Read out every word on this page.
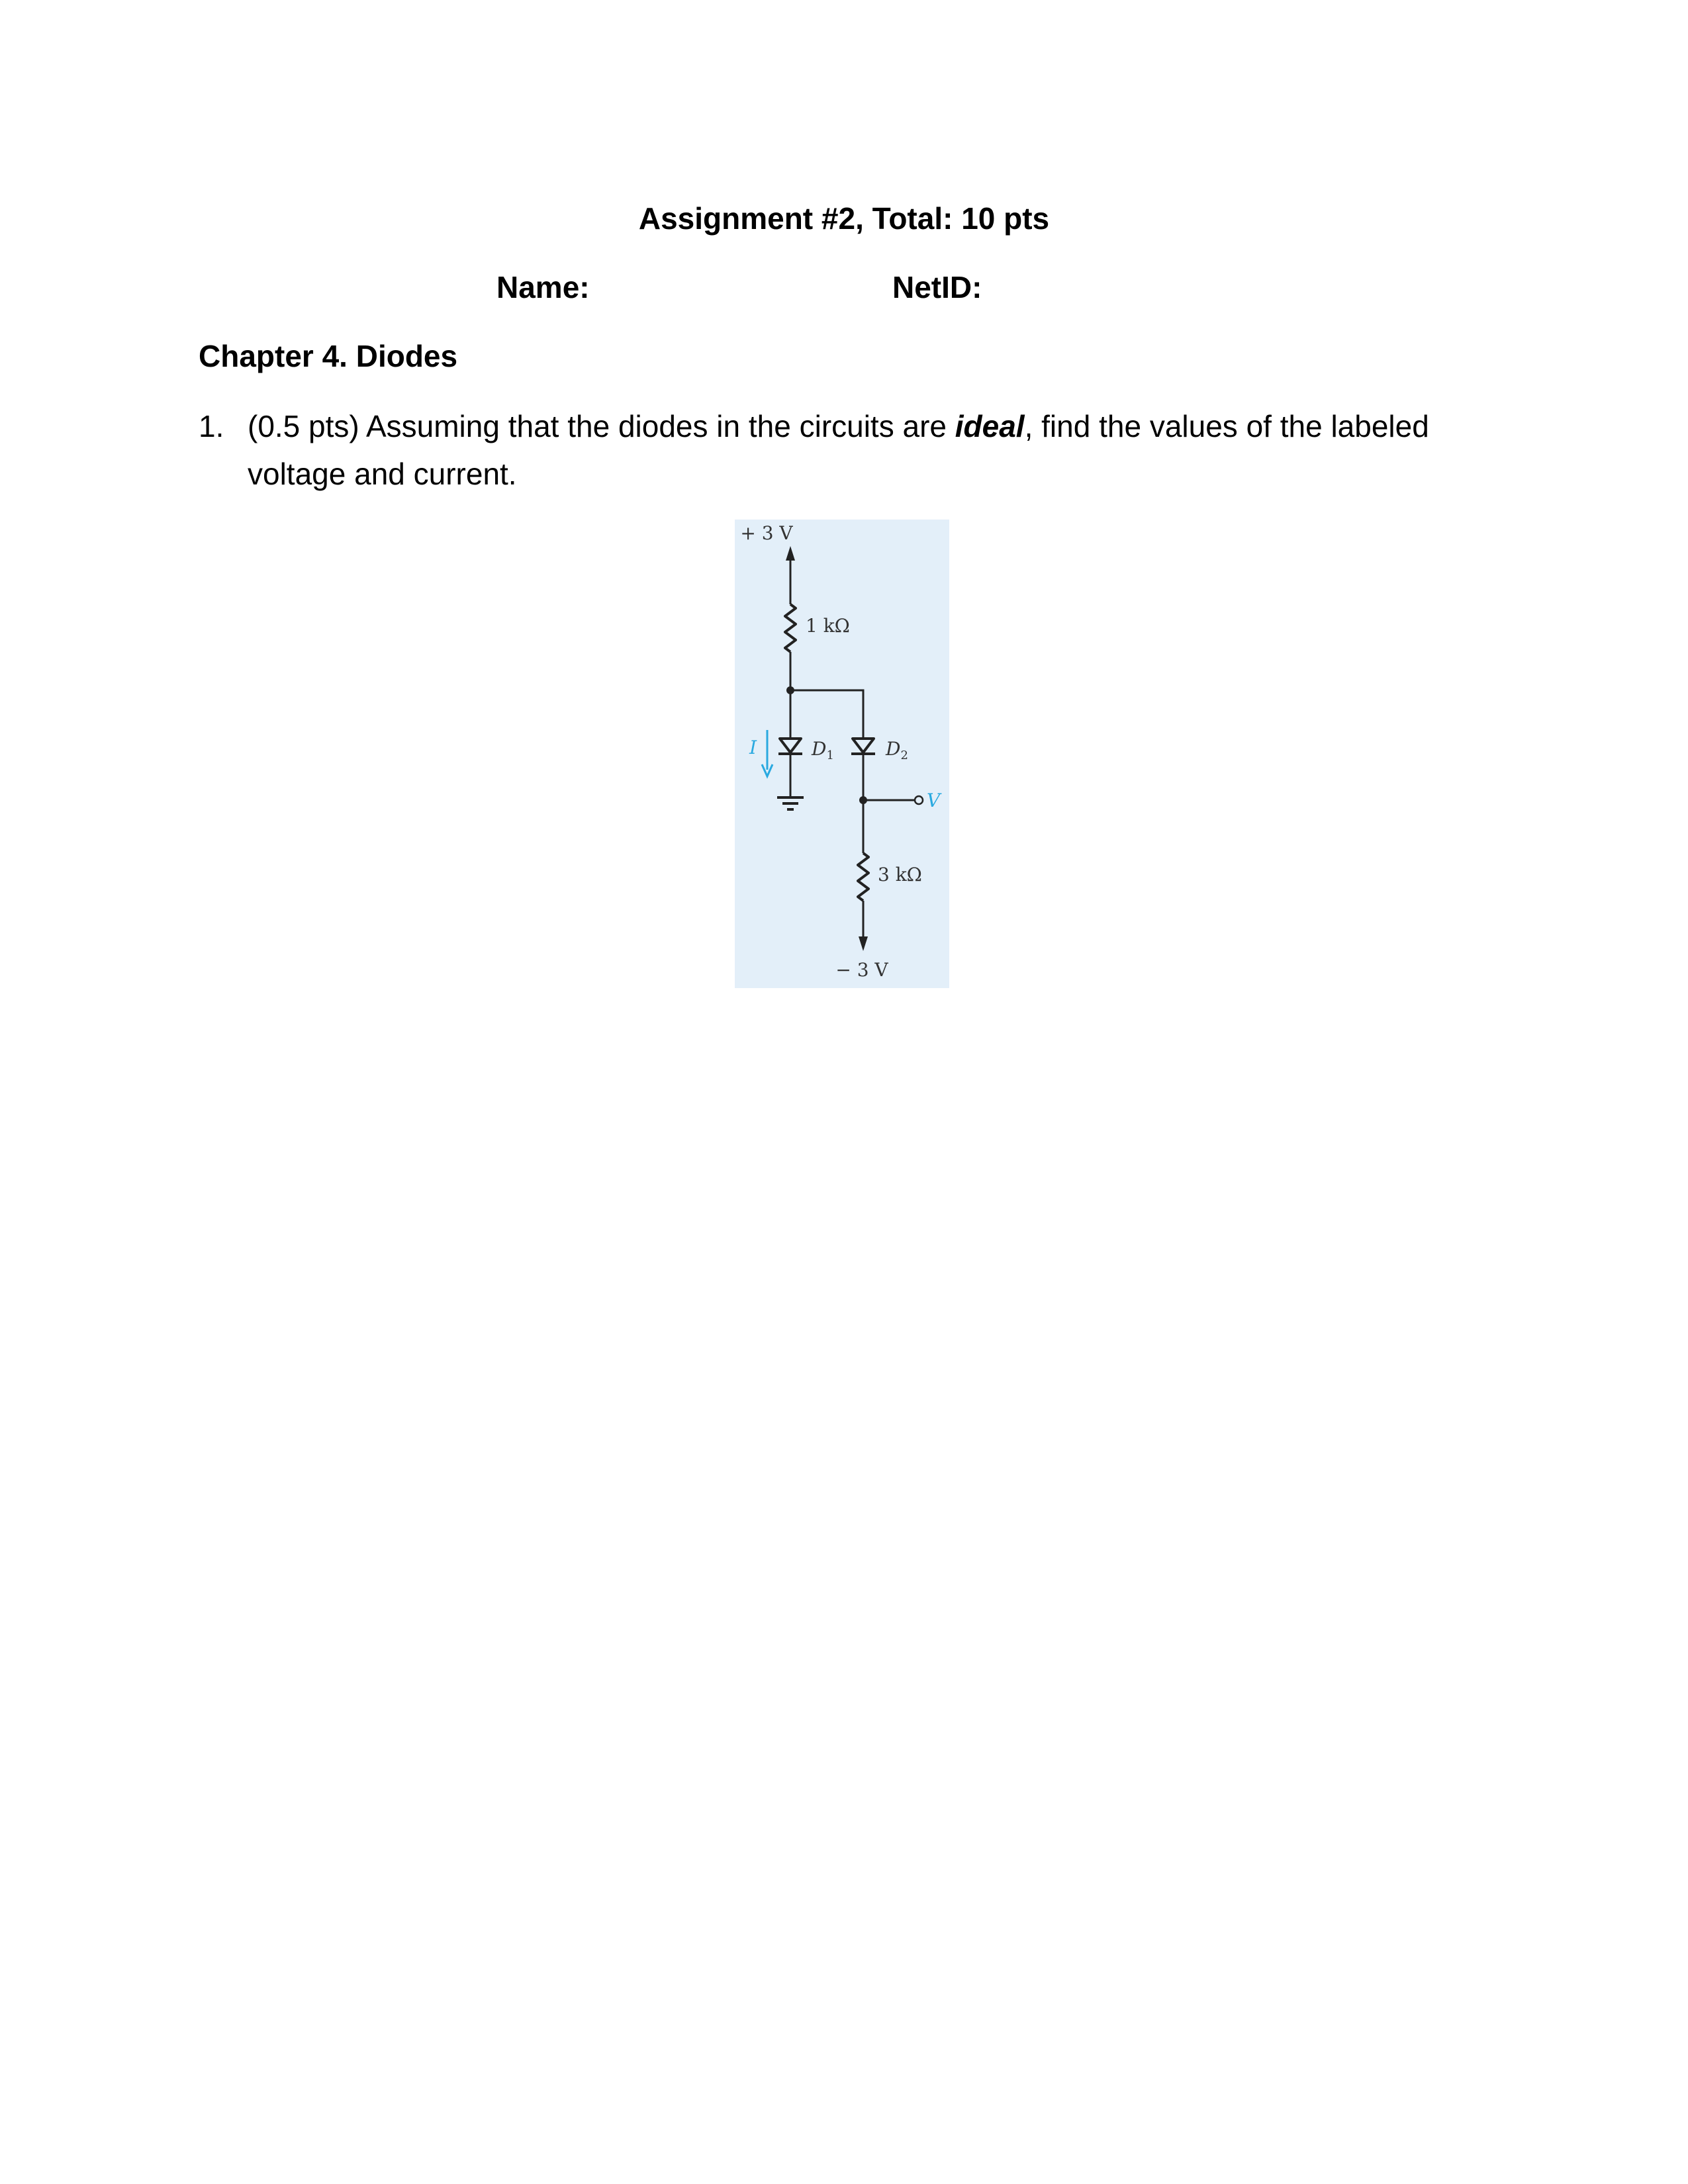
Assignment #2, Total: 10 pts
Name:	NetID:
Chapter 4. Diodes
1. (0.5 pts) Assuming that the diodes in the circuits are ideal, find the values of the labeled voltage and current.
+ 3 V
1 kΩ
$D_1$
I	$D_2$
V
3 kΩ
− 3 V
